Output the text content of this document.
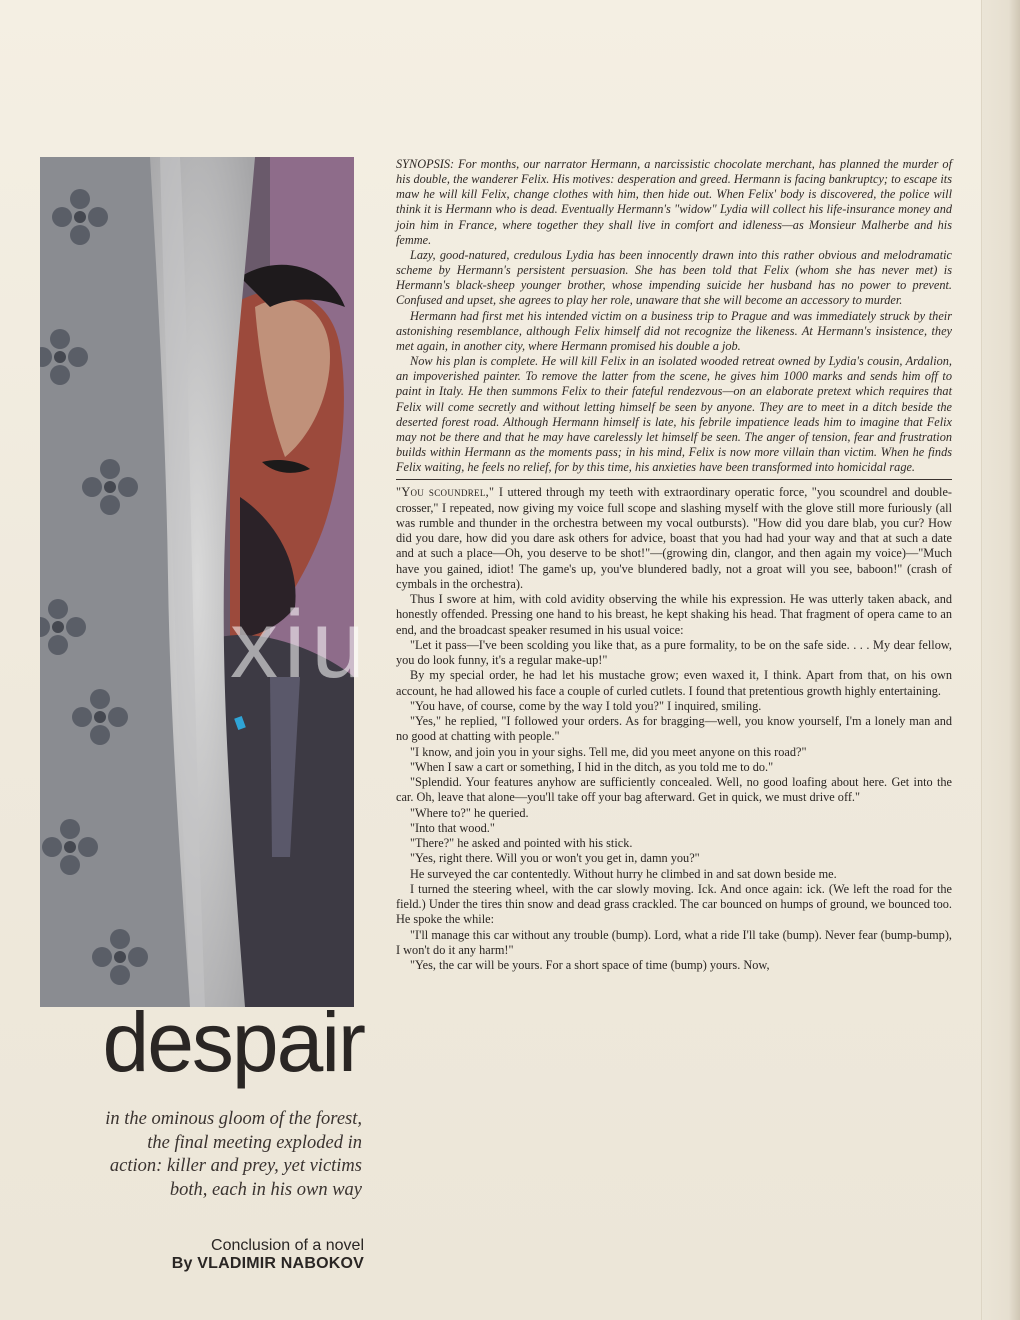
xiu
despair
in the ominous gloom of the forest, the final meeting exploded in action: killer and prey, yet victims both, each in his own way
Conclusion of a novel
By VLADIMIR NABOKOV

SYNOPSIS: For months, our narrator Hermann, a narcissistic chocolate merchant, has planned the murder of his double, the wanderer Felix. His motives: desperation and greed. Hermann is facing bankruptcy; to escape its maw he will kill Felix, change clothes with him, then hide out. When Felix' body is discovered, the police will think it is Hermann who is dead. Eventually Hermann's "widow" Lydia will collect his life-insurance money and join him in France, where together they shall live in comfort and idleness—as Monsieur Malherbe and his femme.

Lazy, good-natured, credulous Lydia has been innocently drawn into this rather obvious and melodramatic scheme by Hermann's persistent persuasion. She has been told that Felix (whom she has never met) is Hermann's black-sheep younger brother, whose impending suicide her husband has no power to prevent. Confused and upset, she agrees to play her role, unaware that she will become an accessory to murder.

Hermann had first met his intended victim on a business trip to Prague and was immediately struck by their astonishing resemblance, although Felix himself did not recognize the likeness. At Hermann's insistence, they met again, in another city, where Hermann promised his double a job.

Now his plan is complete. He will kill Felix in an isolated wooded retreat owned by Lydia's cousin, Ardalion, an impoverished painter. To remove the latter from the scene, he gives him 1000 marks and sends him off to paint in Italy. He then summons Felix to their fateful rendezvous—on an elaborate pretext which requires that Felix will come secretly and without letting himself be seen by anyone. They are to meet in a ditch beside the deserted forest road. Although Hermann himself is late, his febrile impatience leads him to imagine that Felix may not be there and that he may have carelessly let himself be seen. The anger of tension, fear and frustration builds within Hermann as the moments pass; in his mind, Felix is now more villain than victim. When he finds Felix waiting, he feels no relief, for by this time, his anxieties have been transformed into homicidal rage.

"You scoundrel," I uttered through my teeth with extraordinary operatic force, "you scoundrel and double-crosser," I repeated, now giving my voice full scope and slashing myself with the glove still more furiously (all was rumble and thunder in the orchestra between my vocal outbursts). "How did you dare blab, you cur? How did you dare, how did you dare ask others for advice, boast that you had had your way and that at such a date and at such a place—Oh, you deserve to be shot!"—(growing din, clangor, and then again my voice)—"Much have you gained, idiot! The game's up, you've blundered badly, not a groat will you see, baboon!" (crash of cymbals in the orchestra).

Thus I swore at him, with cold avidity observing the while his expression. He was utterly taken aback, and honestly offended. Pressing one hand to his breast, he kept shaking his head. That fragment of opera came to an end, and the broadcast speaker resumed in his usual voice:

"Let it pass—I've been scolding you like that, as a pure formality, to be on the safe side. . . . My dear fellow, you do look funny, it's a regular make-up!"

By my special order, he had let his mustache grow; even waxed it, I think. Apart from that, on his own account, he had allowed his face a couple of curled cutlets. I found that pretentious growth highly entertaining.

"You have, of course, come by the way I told you?" I inquired, smiling.

"Yes," he replied, "I followed your orders. As for bragging—well, you know yourself, I'm a lonely man and no good at chatting with people."

"I know, and join you in your sighs. Tell me, did you meet anyone on this road?"

"When I saw a cart or something, I hid in the ditch, as you told me to do."

"Splendid. Your features anyhow are sufficiently concealed. Well, no good loafing about here. Get into the car. Oh, leave that alone—you'll take off your bag afterward. Get in quick, we must drive off."

"Where to?" he queried.

"Into that wood."

"There?" he asked and pointed with his stick.

"Yes, right there. Will you or won't you get in, damn you?"

He surveyed the car contentedly. Without hurry he climbed in and sat down beside me.

I turned the steering wheel, with the car slowly moving. Ick. And once again: ick. (We left the road for the field.) Under the tires thin snow and dead grass crackled. The car bounced on humps of ground, we bounced too. He spoke the while:

"I'll manage this car without any trouble (bump). Lord, what a ride I'll take (bump). Never fear (bump-bump), I won't do it any harm!"

"Yes, the car will be yours. For a short space of time (bump) yours. Now,
